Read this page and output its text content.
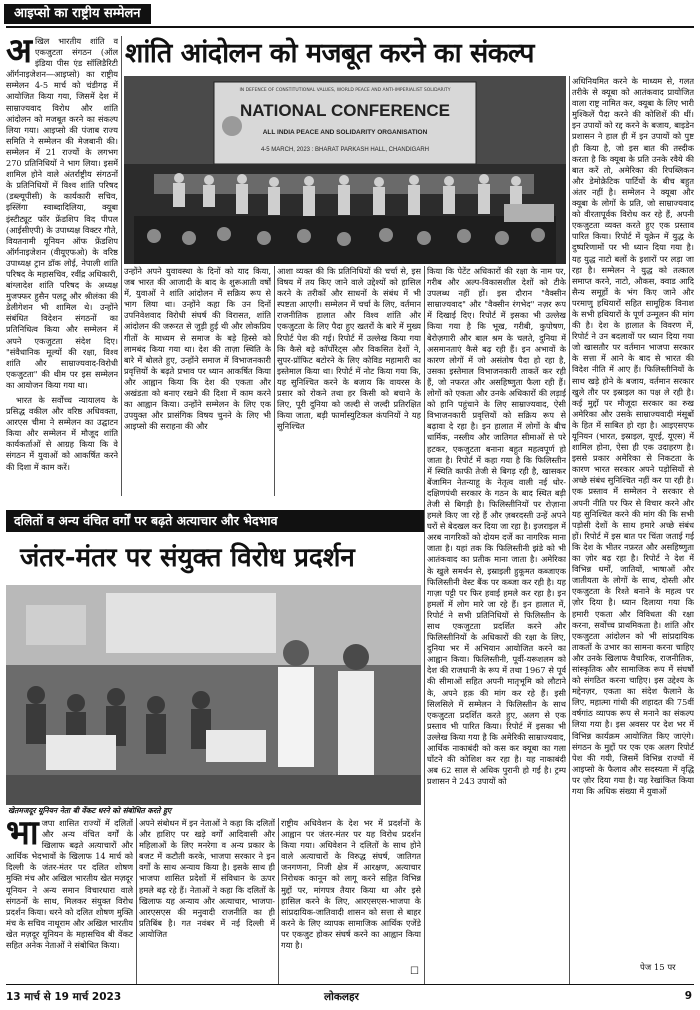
आइप्सो का राष्ट्रीय सम्मेलन
शांति आंदोलन को मजबूत करने का संकल्प

अखिल भारतीय शांति व एकजुटता संगठन (ऑल इंडिया पीस एंड सॉलिडैरिटी ऑर्गनाइजेशन—आइप्सो) का राष्ट्रीय सम्मेलन 4-5 मार्च को चंडीगढ़ में आयोजित किया गया, जिसमें देश में साम्राज्यवाद विरोध और शांति आंदोलन को मजबूत करने का संकल्प लिया गया। आइप्सो की पंजाब राज्य समिति ने सम्मेलन की मेजबानी की। सम्मेलन में 21 राज्यों के लगभग 270 प्रतिनिधियों ने भाग लिया। इसमें शामिल होने वाले अंतर्राष्ट्रीय संगठनों के प्रतिनिधियों में विश्व शांति परिषद (डब्ल्यूपीसी) के कार्यकारी सचिव, इस्लिंगा स्वाब्दादिलिया, क्यूबा इंस्टीट्यूट फॉर फ्रेंडशिप विद पीपल (आईसीएपी) के उपाध्यक्ष विक्टर गौते, वियतनामी यूनियन ऑफ फ्रेंडशिप ऑर्गनाइजेशन (वीयूएफओ) के वरिष्ठ उपाध्यक्ष ट्रान डॉक लोई, नेपाली शांति परिषद के महासचिव, रवींद्र अधिकारी, बांग्लादेश शांति परिषद के अध्यक्ष मुजफ्फर हुसैन पलटू और श्रीलंका की डेलीगेशन भी शामिल थे। उन्होंने संबंधित विदेशन संगठनों का प्रतिनिधित्व किया और सम्मेलन में अपने एकजुटता संदेश दिए। "संवैधानिक मूल्यों की रक्षा, विश्व शांति और साम्राज्यवाद-विरोधी एकजुटता" की थीम पर इस सम्मेलन का आयोजन किया गया था।

भारत के सर्वोच्च न्यायालय के प्रसिद्ध वकील और वरिष्ठ अधिवक्ता, आरएस चीमा ने सम्मेलन का उद्घाटन किया और सम्मेलन में मौजूद शांति कार्यकर्ताओं से आग्रह किया कि वे संगठन में युवाओं को आकर्षित करने की दिशा में काम करें।

IN DEFENCE OF CONSTITUTIONAL VALUES, WORLD PEACE AND ANTI-IMPERIALIST SOLIDARITY
NATIONAL CONFERENCE
ALL INDIA PEACE AND SOLIDARITY ORGANISATION
4-5 MARCH, 2023 : BHARAT PARKASH HALL, CHANDIGARH
उन्होंने अपने युवावस्था के दिनों को याद किया, जब भारत की आजादी के बाद के शुरूआती वर्षों में, युवाओं ने शांति आंदोलन में सक्रिय रूप से भाग लिया था। उन्होंने कहा कि उन दिनों उपनिवेशवाद विरोधी संघर्ष की विरासत, शांति आंदोलन की जरूरत से जुड़ी हुई थी और लोकप्रिय गीतों के माध्यम से समाज के बड़े हिस्से को लामबंद किया गया था। देश की ताज़ा स्थिति के बारे में बोलते हुए, उन्होंने समाज में विभाजनकारी प्रवृत्तियों के बढ़ते प्रभाव पर ध्यान आकर्षित किया और आह्वान किया कि देश की एकता और अखंडता को बनाए रखने की दिशा में काम करने का आह्वान किया। उन्होंने सम्मेलन के लिए एक उपयुक्त और प्रासंगिक विषय चुनने के लिए भी आइप्सो की सराहना की और
आशा व्यक्त की कि प्रतिनिधियों की चर्चा से, इस विषय में तय किए जाने वाले उद्देश्यों को हासिल करने के तरीकों और साधनों के संबंध में भी स्पष्टता आएगी। सम्मेलन में चर्चा के लिए, वर्तमान राजनीतिक हालात और विश्व शांति और एकजुटता के लिए पैदा हुए खतरों के बारे में मुख्य रिपोर्ट पेश की गई। रिपोर्ट में उल्लेख किया गया कि कैसे बड़े कॉर्पोरेट्स और विकसित देशों ने, सुपर-प्रॉफिट बटोरने के लिए कोविड महामारी का इस्तेमाल किया था। रिपोर्ट में नोट किया गया कि, यह सुनिश्चित करने के बजाय कि वायरस के प्रसार को रोकने तथा हर किसी को बचाने के लिए, पूरी दुनिया को जल्दी से जल्दी प्रतिरक्षित किया जाता, बड़ी फार्मास्युटिकल कंपनियों ने यह सुनिश्चित
किया कि पेटेंट अधिकारों की रक्षा के नाम पर, गरीब और अल्प-विकासशील देशों को टीके उपलब्ध नहीं हों। इस दौरान "वैक्सीन साम्राज्यवाद" और "वैक्सीन रंगभेद" नज़र रूप में दिखाई दिए। रिपोर्ट में इसका भी उल्लेख किया गया है कि भूख, गरीबी, कुपोषण, बेरोज़गारी और बाल श्रम के चलते, दुनिया में असमानताएं कैसे बढ़ रही हैं। इन अभावों के कारण लोगों में जो असंतोष पैदा हो रहा है, उसका इस्तेमाल विभाजनकारी ताकतें कर रही हैं, जो नफरत और असहिष्णुता फैला रही हैं। लोगों को एकता और उनके अधिकारों की लड़ाई को हानि पहुंचाने के लिए साम्राज्यवाद, ऐसी विभाजनकारी प्रवृत्तियों को सक्रिय रूप से बढ़ावा दे रहा है। इन हालात में लोगों के बीच धार्मिक, नस्लीय और जातिगत सीमाओं से परे हटकर, एकजुटता बनाना बहुत महत्वपूर्ण हो जाता है। रिपोर्ट में कहा गया है कि फिलिस्तीन में स्थिति काफी तेजी से बिगड़ रही है, खासकर बेंजामिन नेतन्याहू के नेतृत्व वाली नई धोर-दक्षिणपंथी सरकार के गठन के बाद स्थित बड़ी तेजी से बिगड़ी है। फिलिस्तीनियों पर रोज़ाना हमले किए जा रहे हैं और ज़बरदस्ती उन्हें अपने घरों से बेदखल कर दिया जा रहा है। इजराइल में अरब नागरिकों को दोयम दर्जे का नागरिक माना जाता है। यहां तक कि फिलिस्तीनी झंडे को भी आतंकवाद का प्रतीक माना जाता है। अमेरिका के खुले समर्थन से, इस्राइली हुकूमत कब्जाएक फिलिस्तीनी वेस्ट बैंक पर कब्जा कर रही है। यह गाज़ा पट्टी पर फिर हवाई हमले कर रहा है। इन हमलों में लोग मारे जा रहे हैं। इन हालात में, रिपोर्ट ने सभी प्रतिनिधियों से फिलिस्तीन के साथ एकजुटता प्रदर्शित करने और फिलिस्तीनियों के अधिकारों की रक्षा के लिए, दुनिया भर में अभियान आयोजित करने का आह्वान किया। फिलिस्तीनी, पूर्वी-यरूशलम को देश की राजधानी के रूप में तथा 1967 से पूर्व की सीमाओं सहित अपनी मातृभूमि को लौटाने के, अपने हक़ की मांग कर रहे हैं। इसी सिलसिले में सम्मेलन ने फिलिस्तीन के साथ एकजुटता प्रदर्शित करते हुए, अलग से एक प्रस्ताव भी पारित किया। रिपोर्ट में इसका भी उल्लेख किया गया है कि अमेरिकी साम्राज्यवाद, आर्थिक नाकाबंदी को कस कर क्यूबा का गला घोंटने की कोशिश कर रहा है। यह नाकाबंदी अब 62 साल से अधिक पुरानी हो गई है। ट्रम्प प्रशासन ने 243 उपायों को
अधिनियमित करने के माध्यम से, गलत तरीके से क्यूबा को आतंकवाद प्रायोजित वाला राष्ट्र नामित कर, क्यूबा के लिए भारी मुश्किलें पैदा करने की कोशिशें की थीं। इन उपायों को रद्द करने के बजाय, बाइडेन प्रशासन ने हाल ही में इन उपायों को पुष्ट ही किया है, जो इस बात की तस्दीक करता है कि क्यूबा के प्रति उनके रवैये की बात करें तो, अमेरिका की रिपब्लिकन और डेमोक्रेटिक पार्टियों के बीच बहुत अंतर नहीं है। सम्मेलन ने क्यूबा और क्यूबा के लोगों के प्रति, जो साम्राज्यवाद को वीरतापूर्वक विरोध कर रहे हैं, अपनी एकजुटता व्यक्त करते हुए एक प्रस्ताव पारित किया। रिपोर्ट में यूक्रेन में युद्ध के दुष्परिणामों पर भी ध्यान दिया गया है। यह युद्ध नाटो बलों के इशारों पर लड़ा जा रहा है। सम्मेलन ने युद्ध को तत्काल समाप्त करने, नाटो, औकस, क्वाड आदि सैन्य समूहों के भंग किए जाने और परमाणु हथियारों सहित सामूहिक विनाश के सभी हथियारों के पूर्ण उन्मूलन की मांग की है। देश के हालात के विवरण में, रिपोर्ट ने उन बदलावों पर ध्यान दिया गया जो खासतौर पर वर्तमान भाजपा सरकार के सत्ता में आने के बाद से भारत की विदेश नीति में आए हैं। फिलिस्तीनियों के साथ खड़े होने के बजाय, वर्तमान सरकार खुले तौर पर इस्राइल का पक्ष ले रही है। कई मुद्दों पर मौजूदा सरकार का रुख अमेरिका और उसके साम्राज्यवादी मंसूबों के हित में साबित हो रहा है। आइएसएफ यूनियन (भारत, इस्राइल, यूएई, यूएस) में शामिल होना, ऐसा ही एक उदाहरण है। इससे प्रकार अमेरिका से निकटता के कारण भारत सरकार अपने पड़ोसियों से अच्छे संबंध सुनिश्चित नहीं कर पा रही है। एक प्रस्ताव में सम्मेलन ने सरकार से अपनी नीति पर फिर से विचार करने और यह सुनिश्चित करने की मांग की कि सभी पड़ोसी देशों के साथ हमारे अच्छे संबंध हों। रिपोर्ट में इस बात पर चिंता जताई गई कि देश के भीतर नफ़रत और असहिष्णुता का ज़ोर बढ़ रहा है। रिपोर्ट ने देश में विभिन्न धर्मों, जातियों, भाषाओं और जातीयता के लोगों के साथ, दोस्ती और एकजुटता के रिश्ते बनाने के महत्व पर ज़ोर दिया है। ध्यान दिलाया गया कि हमारी एकता और विविधता की रक्षा करना, सर्वोच्च प्राथमिकता है। शांति और एकजुटता आंदोलन को भी सांप्रदायिक ताकतों के उभार का सामना करना चाहिए और उनके खिलाफ वैचारिक, राजनीतिक, सांस्कृतिक और सामाजिक रूप में संघर्षों को संगठित करना चाहिए। इस उद्देश्य के मद्देनज़र, एकता का संदेश फैलाने के लिए, महात्मा गांधी की शहादत की 75वीं वर्षगांठ व्यापक रूप से मनाने का संकल्प लिया गया है। इस अवसर पर देश भर में विभिन्न कार्यक्रम आयोजित किए जाएंगे। संगठन के मुद्दों पर एक एक अलग रिपोर्ट पेश की गयी, जिसमें विभिन्न राज्यों में आइप्सो के फैलाव और सदस्यता में वृद्धि पर ज़ोर दिया गया है। यह रेखांकित किया गया कि अधिक संख्या में युवाओं
पेज 15 पर
दलितों व अन्य वंचित वर्गों पर बढ़ते अत्याचार और भेदभाव
जंतर-मंतर पर संयुक्त विरोध प्रदर्शन
खेतमजदूर यूनियन नेता बी वेंकट धरने को संबोधित करते हुए

भाजपा शासित राज्यों में दलितों और अन्य वंचित वर्गों के खिलाफ बढ़ते अत्याचारों और आर्थिक भेदभावों के खिलाफ 14 मार्च को दिल्ली के जंतर-मंतर पर दलित शोषण मुक्ति मंच और अखिल भारतीय खेत मज़दूर यूनियन ने अन्य समान विचारधारा वाले संगठनों के साथ, मिलकर संयुक्त विरोध प्रदर्शन किया। धरने को दलित शोषण मुक्ति मंच के सचिव नाथूराम और अखिल भारतीय खेत मज़दूर यूनियन के महासचिव बी वेंकट सहित अनेक नेताओं ने संबोधित किया।

अपने संबोधन में इन नेताओं ने कहा कि दलितों और हाशिए पर खड़े वर्गों आदिवासी और महिलाओं के लिए मनरेगा व अन्य प्रकार के बजट में कटौती करके, भाजपा सरकार ने इन वर्गों के साथ अन्याय किया है। इसके साथ ही भाजपा शासित प्रदेशों में संविधान के ऊपर हमले बढ़ रहे हैं। नेताओं ने कहा कि दलितों के खिलाफ यह अन्याय और अत्याचार, भाजपा-आरएसएस की मनुवादी राजनीति का ही प्रतिबिंब है। गत नवंबर में नई दिल्ली में आयोजित
राष्ट्रीय अधिवेशन के देश भर में प्रदर्शनों के आह्वान पर जंतर-मंतर पर यह विरोध प्रदर्शन किया गया। अधिवेशन ने दलितों के साथ होने वाले अत्याचारों के विरुद्ध संघर्ष, जातिगत जनगणना, निजी क्षेत्र में आरक्षण, अत्याचार निरोधक कानून को लागू करने सहित विभिन्न मुद्दों पर, मांगपत्र तैयार किया था और इसे हासिल करने के लिए, आरएसएस-भाजपा के सांप्रदायिक-जातिवादी शासन को सत्ता से बाहर करने के लिए व्यापक सामाजिक आर्थिक एजेंडे पर एकजुट होकर संघर्ष करने का आह्वान किया गया है।
☐
13 मार्च से 19 मार्च 2023	लोकलहर	9
